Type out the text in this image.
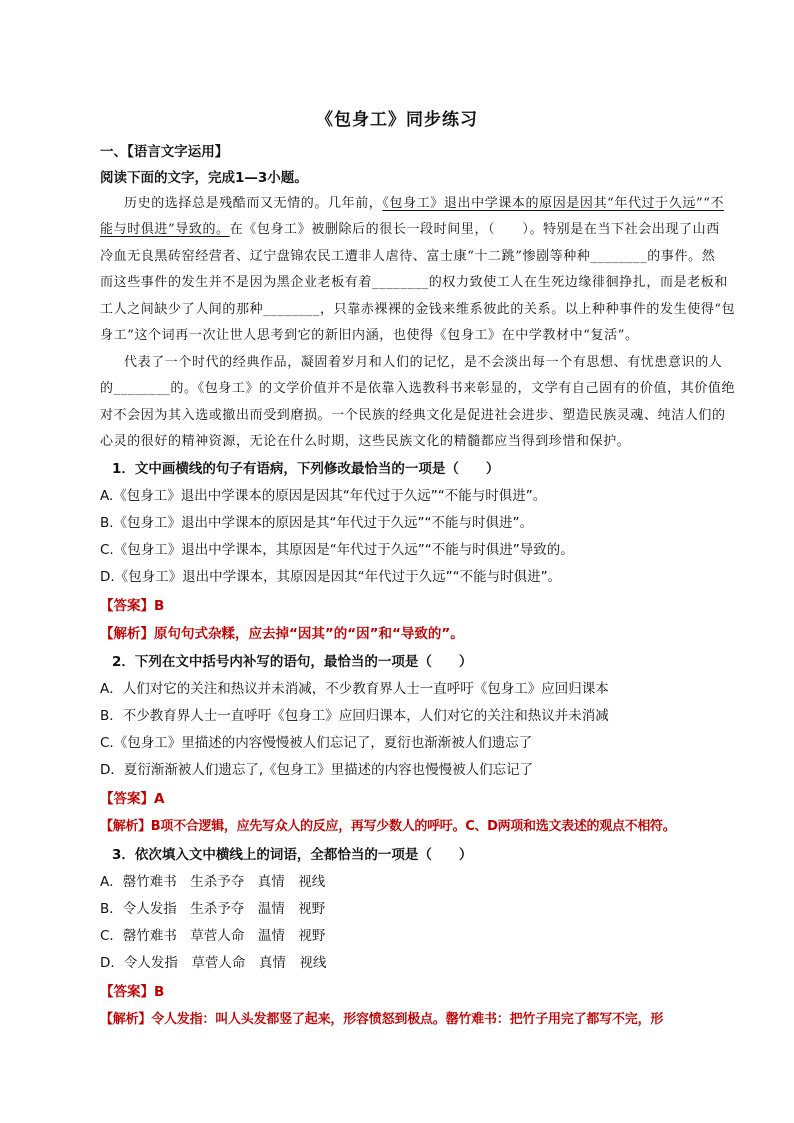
《包身工》同步练习
一、【语言文字运用】
阅读下面的文字，完成1—3小题。
历史的选择总是残酷而又无情的。几年前，《包身工》退出中学课本的原因是因其“年代过于久远”“不
能与时俱进”导致的。在《包身工》被删除后的很长一段时间里，（　　）。特别是在当下社会出现了山西
冷血无良黑砖窑经营者、辽宁盘锦农民工遭非人虐待、富士康“十二跳”惨剧等种种________的事件。然
而这些事件的发生并不是因为黑企业老板有着________的权力致使工人在生死边缘徘徊挣扎，而是老板和
工人之间缺少了人间的那种________，只靠赤裸裸的金钱来维系彼此的关系。以上种种事件的发生使得“包
身工”这个词再一次让世人思考到它的新旧内涵，也使得《包身工》在中学教材中“复活”。
代表了一个时代的经典作品，凝固着岁月和人们的记忆，是不会淡出每一个有思想、有忧患意识的人
的________的。《包身工》的文学价值并不是依靠入选教科书来彰显的，文学有自己固有的价值，其价值绝
对不会因为其入选或撤出而受到磨损。一个民族的经典文化是促进社会进步、塑造民族灵魂、纯洁人们的
心灵的很好的精神资源，无论在什么时期，这些民族文化的精髓都应当得到珍惜和保护。
1．文中画横线的句子有语病，下列修改最恰当的一项是（　　）
A.《包身工》退出中学课本的原因是因其“年代过于久远”“不能与时俱进”。
B.《包身工》退出中学课本的原因是其“年代过于久远”“不能与时俱进”。
C.《包身工》退出中学课本，其原因是“年代过于久远”“不能与时俱进”导致的。
D.《包身工》退出中学课本，其原因是因其“年代过于久远”“不能与时俱进”。
【答案】B
【解析】原句句式杂糅，应去掉“因其”的“因”和“导致的”。
2．下列在文中括号内补写的语句，最恰当的一项是（　　）
A．人们对它的关注和热议并未消减，不少教育界人士一直呼吁《包身工》应回归课本
B．不少教育界人士一直呼吁《包身工》应回归课本，人们对它的关注和热议并未消减
C.《包身工》里描述的内容慢慢被人们忘记了，夏衍也渐渐被人们遗忘了
D．夏衍渐渐被人们遗忘了,《包身工》里描述的内容也慢慢被人们忘记了
【答案】A
【解析】B项不合逻辑，应先写众人的反应，再写少数人的呼吁。C、D两项和选文表述的观点不相符。
3．依次填入文中横线上的词语，全都恰当的一项是（　　）
A．罄竹难书　生杀予夺　真情　视线
B．令人发指　生杀予夺　温情　视野
C．罄竹难书　草菅人命　温情　视野
D．令人发指　草菅人命　真情　视线
【答案】B
【解析】令人发指：叫人头发都竖了起来，形容愤怒到极点。罄竹难书：把竹子用完了都写不完，形
